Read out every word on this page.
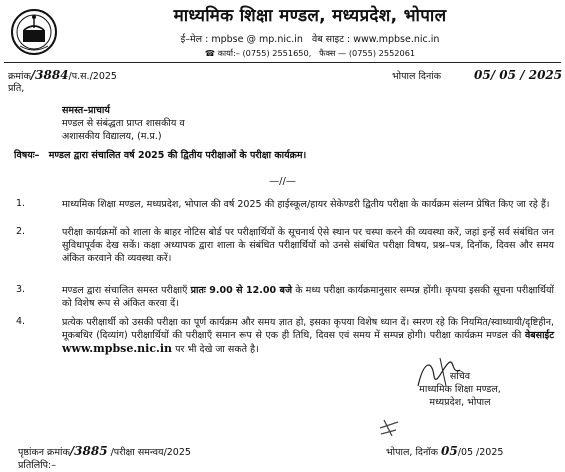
माध्यमिक शिक्षा मण्डल, मध्यप्रदेश, भोपाल
ई–मेल : mpbse @ mp.nic.in वेब साइट : www.mpbse.nic.in
☎ कार्या:– (0755) 2551650, फैक्स — (0755) 2552061
क्रमांक/3884/प.स./2025	भोपाल दिनांक	05/ 05 / 2025
प्रति,
समस्त–प्राचार्य
मण्डल से संबंद्धता प्राप्त शासकीय व
अशासकीय विद्यालय, (म.प्र.)
विषयः– मण्डल द्वारा संचालित वर्ष 2025 की द्वितीय परीक्षाओं के परीक्षा कार्यक्रम।
—//—
1.	माध्यमिक शिक्षा मण्डल, मध्यप्रदेश, भोपाल की वर्ष 2025 की हाईस्कूल/हायर सेकेण्डरी द्वितीय परीक्षा के कार्यक्रम संलग्न प्रेषित किए जा रहे हैं।
2.	परीक्षा कार्यक्रमों को शाला के बाहर नोटिस बोर्ड पर परीक्षार्थियों के सूचनार्थ ऐसे स्थान पर चस्पा करने की व्यवस्था करें, जहां इन्हें सर्व संबंधित जन सुविधापूर्वक देख सकें। कक्षा अध्यापक द्वारा शाला के संबंधित परीक्षार्थियों को उनसे संबंधित परीक्षा विषय, प्रश्न–पत्र, दिनॉक, दिवस और समय अंकित करवाने की व्यवस्था करें।
3.	मण्डल द्वारा संचालित समस्त परीक्षाएँ प्रातः 9.00 से 12.00 बजे के मध्य परीक्षा कार्यक्रमानुसार सम्पन्न होंगी। कृपया इसकी सूचना परीक्षार्थियों को विशेष रूप से अंकित करवा दें।
4.	प्रत्येक परीक्षार्थी को उसकी परीक्षा का पूर्ण कार्यक्रम और समय ज्ञात हो, इसका कृपया विशेष ध्यान दें। स्मरण रहे कि नियमित/स्वाध्यायी/दृष्टिहीन, मूकबधिर (दिव्यांग) परीक्षार्थियों की परीक्षाएँ समान रूप से एक ही तिथि, दिवस एवं समय में सम्पन्न होगी। परीक्षा कार्यक्रम मण्डल की वेबसाईट www.mpbse.nic.in पर भी देखे जा सकते है।
सचिव
माध्यमिक शिक्षा मण्डल,
मध्यप्रदेश, भोपाल
पृष्ठांकन क्रमांक/3885 /परीक्षा समन्वय/2025	भोपाल, दिनॉक 05/05 /2025
प्रतिलिपि:–
